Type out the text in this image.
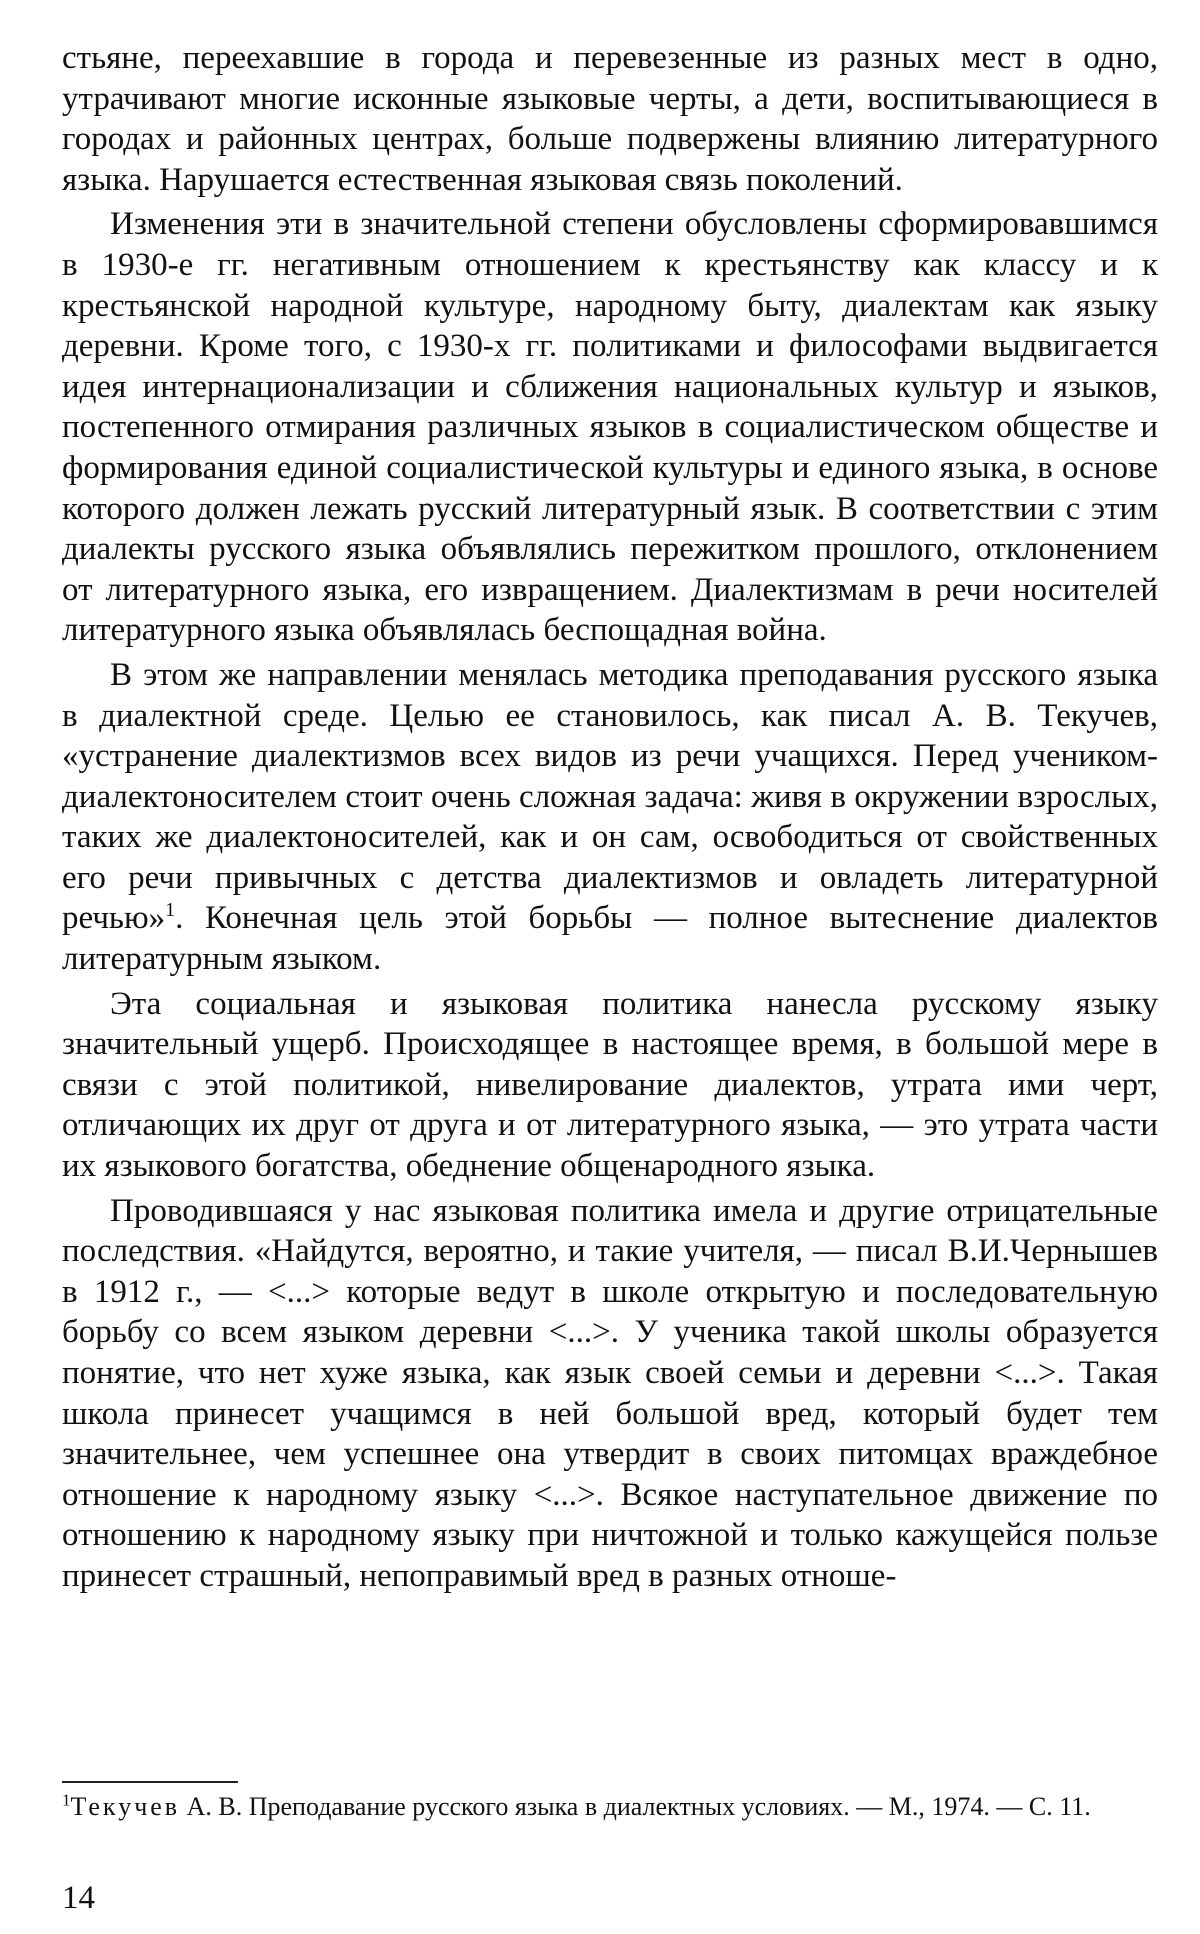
стьяне, переехавшие в города и перевезенные из разных мест в одно, утрачивают многие исконные языковые черты, а дети, воспитывающиеся в городах и районных центрах, больше подвержены влиянию литературного языка. Нарушается естественная языковая связь поколений.

Изменения эти в значительной степени обусловлены сформировавшимся в 1930-е гг. негативным отношением к крестьянству как классу и к крестьянской народной культуре, народному быту, диалектам как языку деревни. Кроме того, с 1930-х гг. политиками и философами выдвигается идея интернационализации и сближения национальных культур и языков, постепенного отмирания различных языков в социалистическом обществе и формирования единой социалистической культуры и единого языка, в основе которого должен лежать русский литературный язык. В соответствии с этим диалекты русского языка объявлялись пережитком прошлого, отклонением от литературного языка, его извращением. Диалектизмам в речи носителей литературного языка объявлялась беспощадная война.

В этом же направлении менялась методика преподавания русского языка в диалектной среде. Целью ее становилось, как писал А. В. Текучев, «устранение диалектизмов всех видов из речи учащихся. Перед учеником-диалектоносителем стоит очень сложная задача: живя в окружении взрослых, таких же диалектоносителей, как и он сам, освободиться от свойственных его речи привычных с детства диалектизмов и овладеть литературной речью»$^1$. Конечная цель этой борьбы — полное вытеснение диалектов литературным языком.

Эта социальная и языковая политика нанесла русскому языку значительный ущерб. Происходящее в настоящее время, в большой мере в связи с этой политикой, нивелирование диалектов, утрата ими черт, отличающих их друг от друга и от литературного языка, — это утрата части их языкового богатства, обеднение общенародного языка.

Проводившаяся у нас языковая политика имела и другие отрицательные последствия. «Найдутся, вероятно, и такие учителя, — писал В.И.Чернышев в 1912 г., — <...> которые ведут в школе открытую и последовательную борьбу со всем языком деревни <...>. У ученика такой школы образуется понятие, что нет хуже языка, как язык своей семьи и деревни <...>. Такая школа принесет учащимся в ней большой вред, который будет тем значительнее, чем успешнее она утвердит в своих питомцах враждебное отношение к народному языку <...>. Всякое наступательное движение по отношению к народному языку при ничтожной и только кажущейся пользе принесет страшный, непоправимый вред в разных отноше-

$^1$Текучев А. В. Преподавание русского языка в диалектных условиях. — М., 1974. — С. 11.
14
